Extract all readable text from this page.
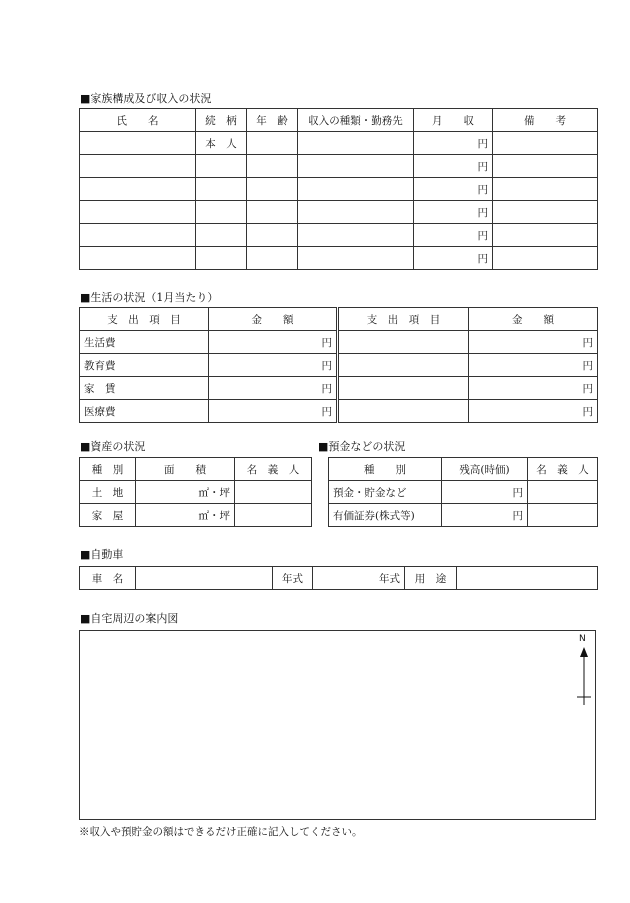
■家族構成及び収入の状況
氏　　名	続　柄	年　齢	収入の種類・勤務先	月　　収	備　　考
	本　人			円	
				円	
				円	
				円	
				円	
				円	
■生活の状況（1月当たり）
支　出　項　目	金　　額	支　出　項　目	金　　額
生活費	円		円
教育費	円		円
家　賃	円		円
医療費	円		円
■資産の状況
種　別	面　　積	名　義　人
土　地	㎡・坪	
家　屋	㎡・坪	
■預金などの状況
種　　別	残高(時価)	名　義　人
預金・貯金など	円	
有価証券(株式等)	円	
■自動車
車　名		年式	年式	用　途	
■自宅周辺の案内図
N
※収入や預貯金の額はできるだけ正確に記入してください。
